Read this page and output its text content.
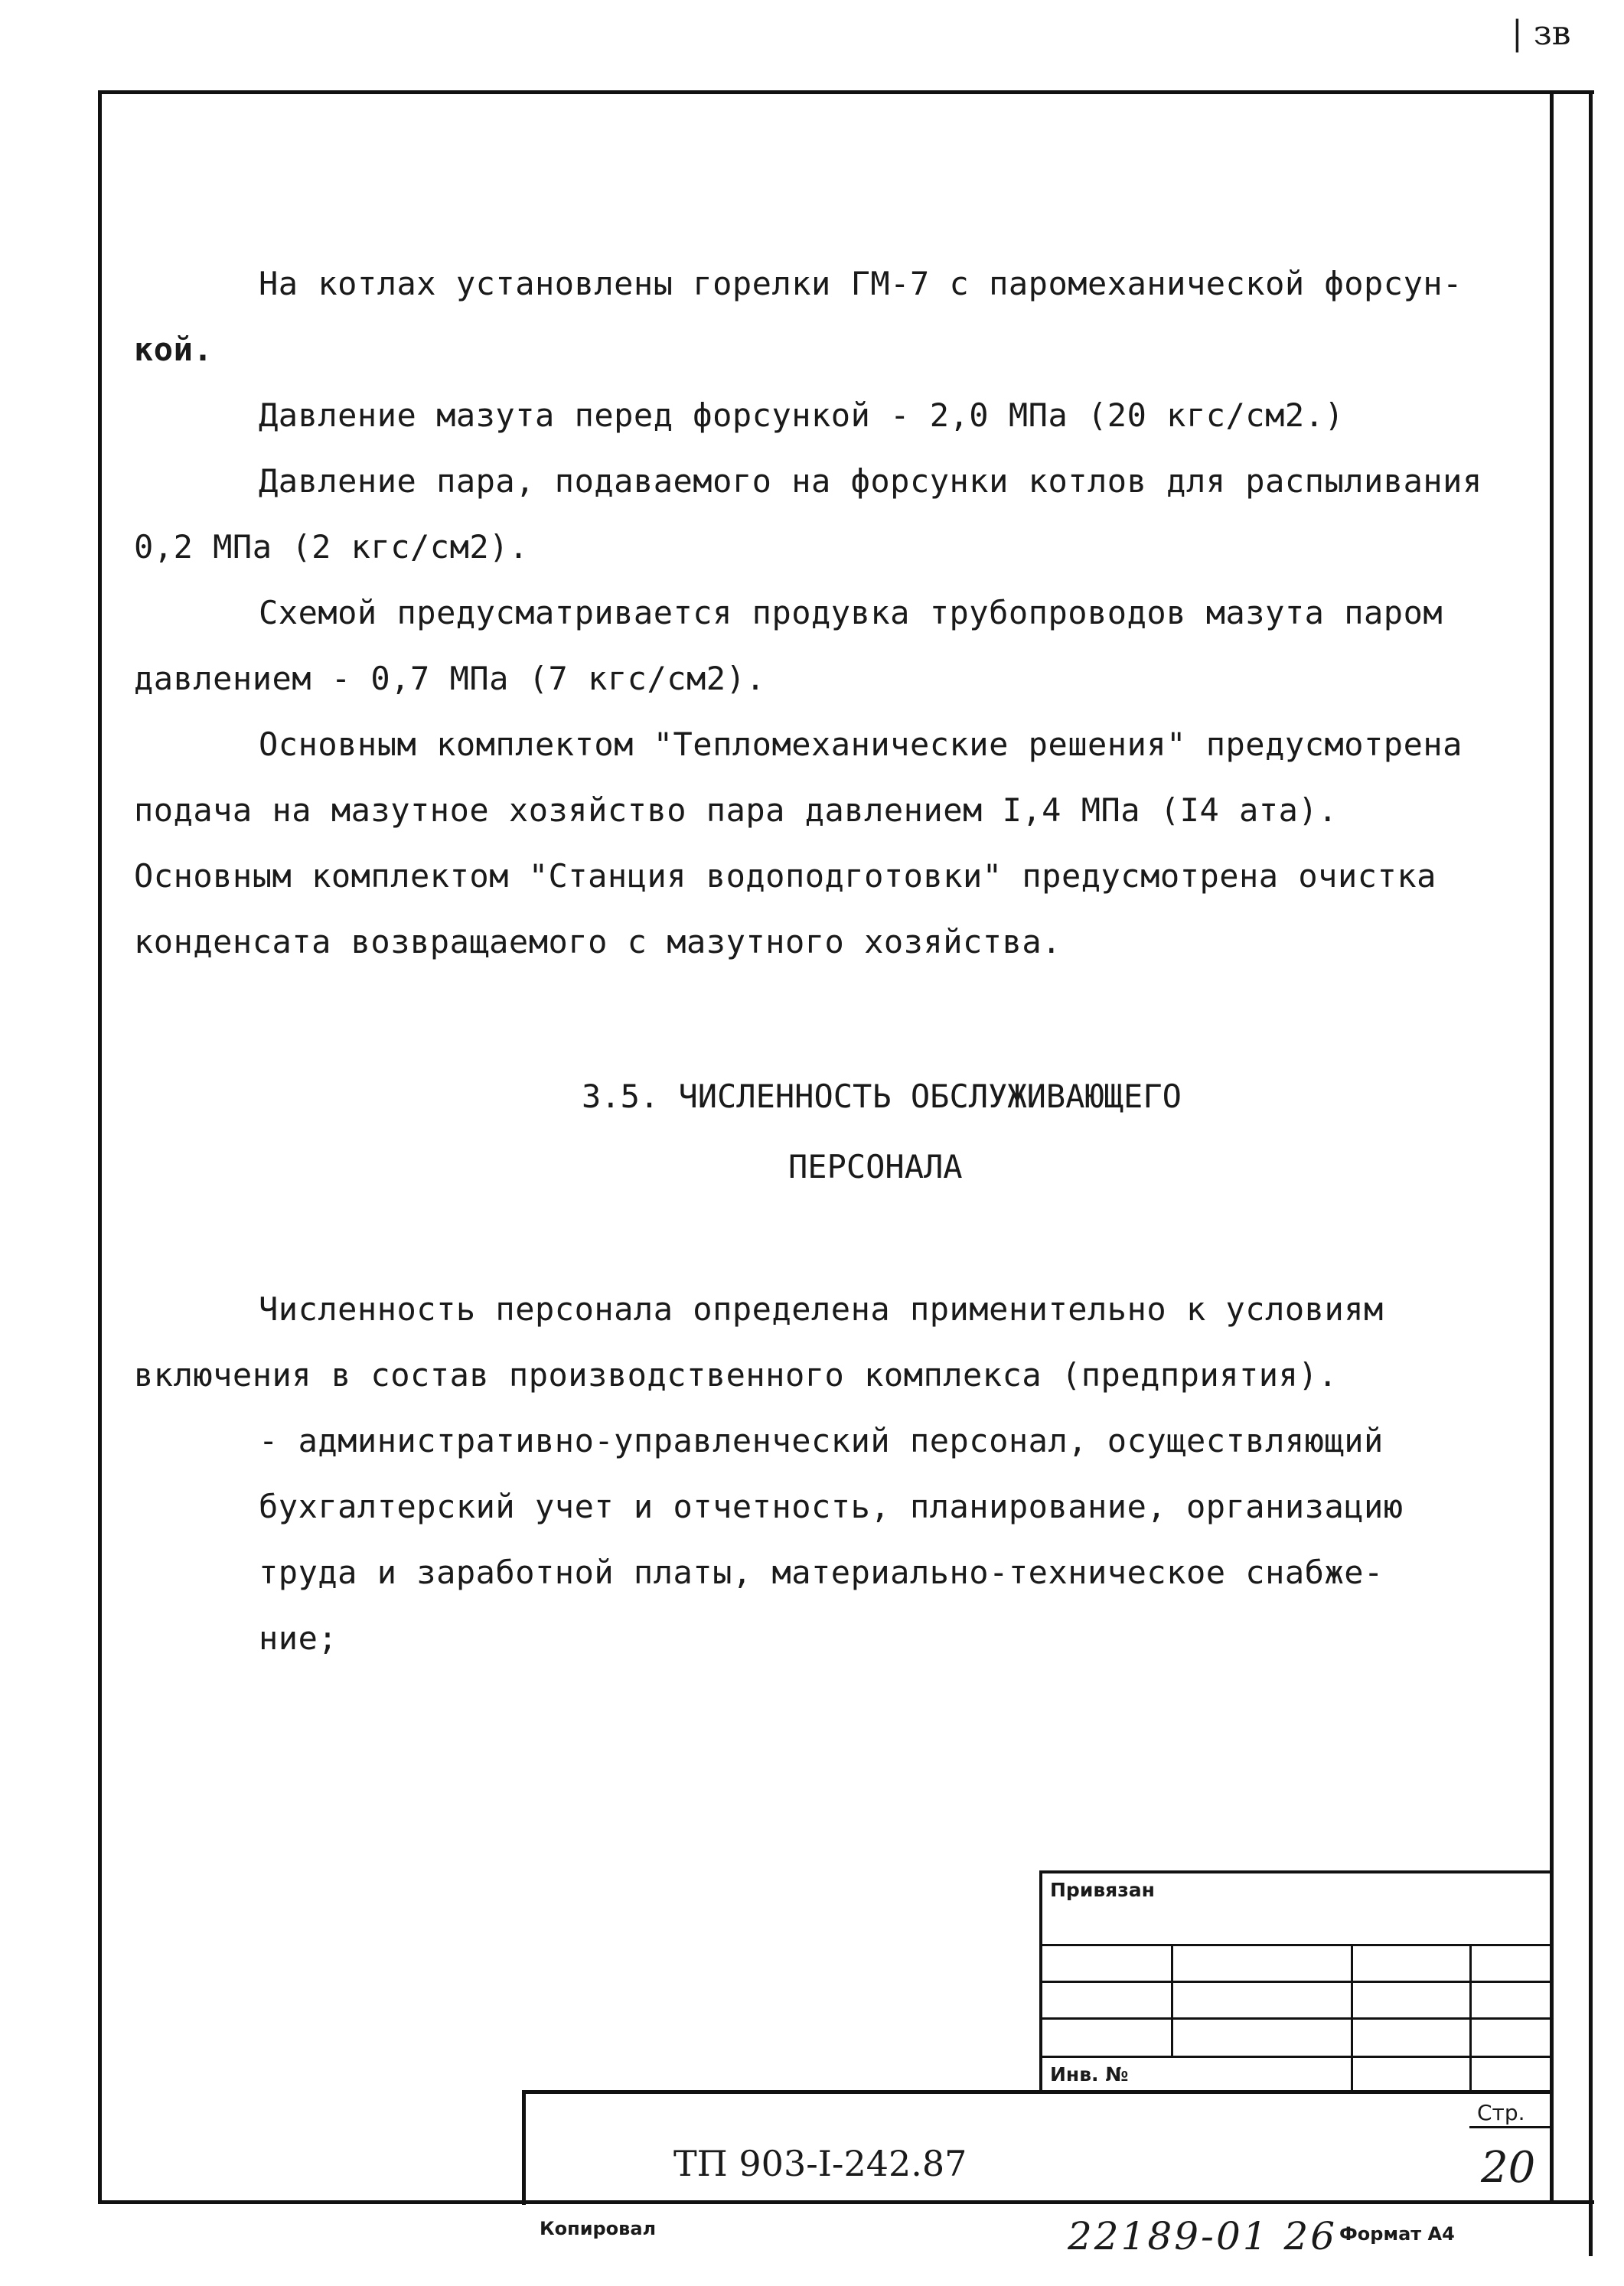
| зв
На котлах установлены горелки ГМ-7 с паромеханической форсун-
кой.
Давление мазута перед форсункой - 2,0 МПа (20 кгс/см2.)
Давление пара, подаваемого на форсунки котлов для распыливания
0,2 МПа (2 кгс/см2).
Схемой предусматривается продувка трубопроводов мазута паром
давлением - 0,7 МПа (7 кгс/см2).
Основным комплектом "Тепломеханические решения" предусмотрена
подача на мазутное хозяйство пара давлением I,4 МПа (I4 ата).
Основным комплектом "Станция водоподготовки" предусмотрена очистка
конденсата возвращаемого с мазутного хозяйства.
3.5. ЧИСЛЕННОСТЬ ОБСЛУЖИВАЮЩЕГО
ПЕРСОНАЛА
Численность персонала определена применительно к условиям
включения в состав производственного комплекса (предприятия).
- административно-управленческий персонал, осуществляющий
бухгалтерский учет и отчетность, планирование, организацию
труда и заработной платы, материально-техническое снабже-
ние;
Привязан
Инв. №
ТП 903-I-242.87
Стр.
20
Копировал	22189-01 26 Формат А4
